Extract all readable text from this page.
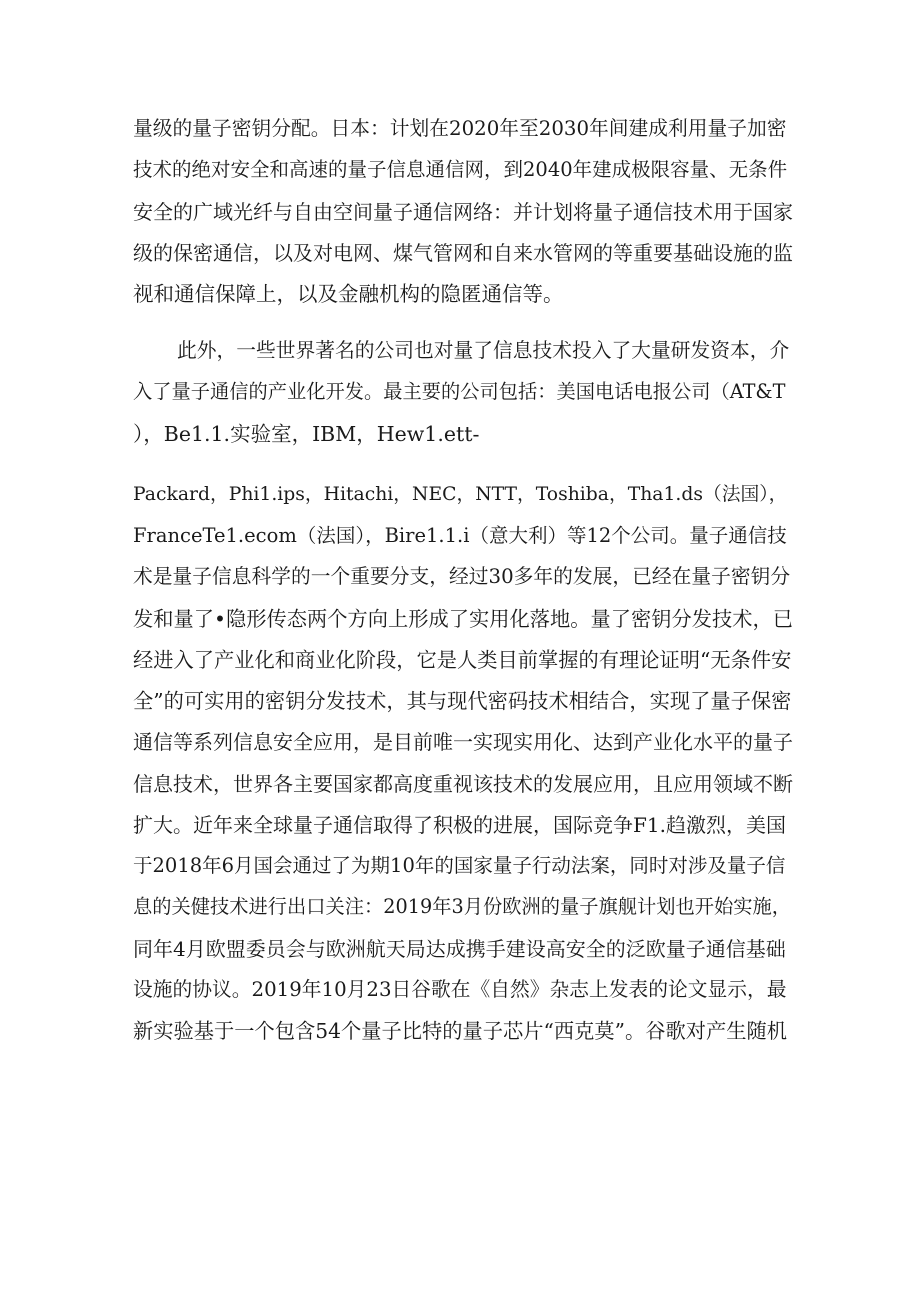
量级的量子密钥分配。日本：计划在2020年至2030年间建成利用量子加密
技术的绝对安全和高速的量子信息通信网，到2040年建成极限容量、无条件
安全的广域光纤与自由空间量子通信网络：并计划将量子通信技术用于国家
级的保密通信，以及对电网、煤气管网和自来水管网的等重要基础设施的监
视和通信保障上，以及金融机构的隐匿通信等。
此外，一些世界著名的公司也对量了信息技术投入了大量研发资本，介
入了量子通信的产业化开发。最主要的公司包括：美国电话电报公司（AT&T
），Be1.1.实验室，IBM，Hew1.ett-
Packard，Phi1.ips，Hitachi，NEC，NTT，Toshiba，Tha1.ds（法国），
FranceTe1.ecom（法国），Bire1.1.i（意大利）等12个公司。量子通信技
术是量子信息科学的一个重要分支，经过30多年的发展，已经在量子密钥分
发和量了•隐形传态两个方向上形成了实用化落地。量了密钥分发技术，已
经进入了产业化和商业化阶段，它是人类目前掌握的有理论证明“无条件安
全”的可实用的密钥分发技术，其与现代密码技术相结合，实现了量子保密
通信等系列信息安全应用，是目前唯一实现实用化、达到产业化水平的量子
信息技术，世界各主要国家都高度重视该技术的发展应用，且应用领域不断
扩大。近年来全球量子通信取得了积极的进展，国际竞争F1.趋激烈，美国
于2018年6月国会通过了为期10年的国家量子行动法案，同时对涉及量子信
息的关健技术进行出口关注：2019年3月份欧洲的量子旗舰计划也开始实施，
同年4月欧盟委员会与欧洲航天局达成携手建设高安全的泛欧量子通信基础
设施的协议。2019年10月23日谷歌在《自然》杂志上发表的论文显示，最
新实验基于一个包含54个量子比特的量子芯片“西克莫”。谷歌对产生随机
